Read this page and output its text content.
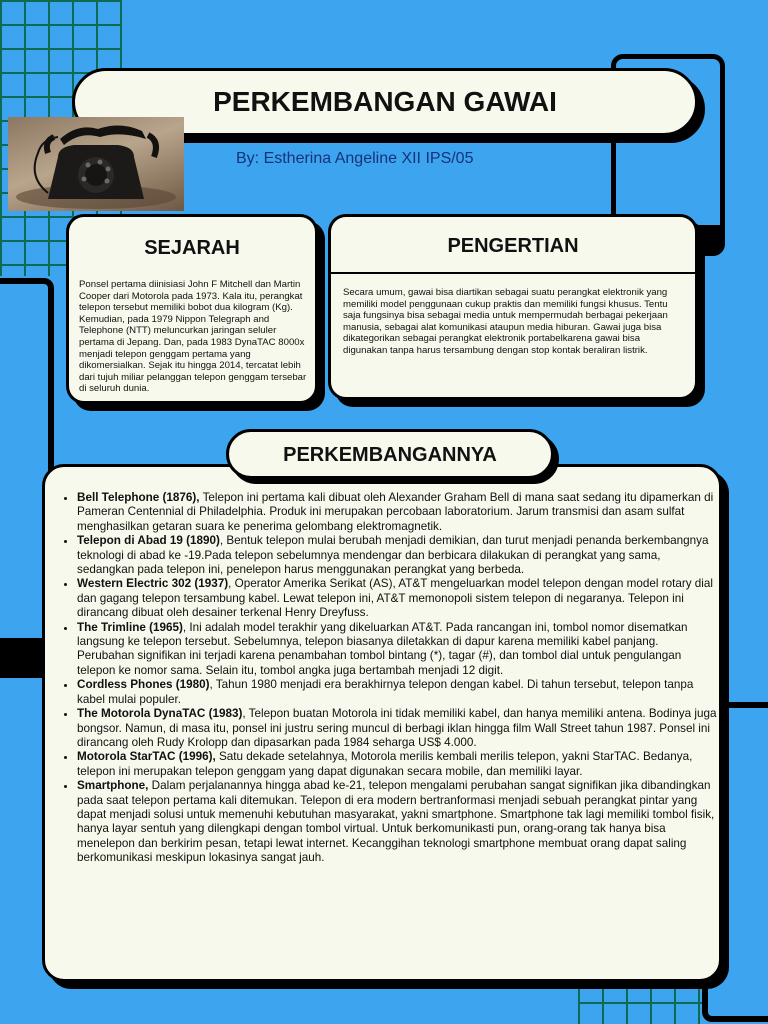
PERKEMBANGAN GAWAI
By: Estherina Angeline XII IPS/05
SEJARAH
Ponsel pertama diinisiasi John F Mitchell dan Martin Cooper dari Motorola pada 1973. Kala itu, perangkat telepon tersebut memiliki bobot dua kilogram (Kg). Kemudian, pada 1979 Nippon Telegraph and Telephone (NTT) meluncurkan jaringan seluler pertama di Jepang. Dan, pada 1983 DynaTAC 8000x menjadi telepon genggam pertama yang dikomersialkan. Sejak itu hingga 2014, tercatat lebih dari tujuh miliar pelanggan telepon genggam tersebar di seluruh dunia.
PENGERTIAN
Secara umum, gawai bisa diartikan sebagai suatu perangkat elektronik yang memiliki model penggunaan cukup praktis dan memiliki fungsi khusus. Tentu saja fungsinya bisa sebagai media untuk mempermudah berbagai pekerjaan manusia, sebagai alat komunikasi ataupun media hiburan. Gawai juga bisa dikategorikan sebagai perangkat elektronik portabelkarena gawai bisa digunakan tanpa harus tersambung dengan stop kontak beraliran listrik.
• Bell Telephone (1876), Telepon ini pertama kali dibuat oleh Alexander Graham Bell di mana saat sedang itu dipamerkan di Pameran Centennial di Philadelphia. Produk ini merupakan percobaan laboratorium. Jarum transmisi dan asam sulfat menghasilkan getaran suara ke penerima gelombang elektromagnetik.
• Telepon di Abad 19 (1890), Bentuk telepon mulai berubah menjadi demikian, dan turut menjadi penanda berkembangnya teknologi di abad ke -19.Pada telepon sebelumnya mendengar dan berbicara dilakukan di perangkat yang sama, sedangkan pada telepon ini, penelepon harus menggunakan perangkat yang berbeda.
• Western Electric 302 (1937), Operator Amerika Serikat (AS), AT&T mengeluarkan model telepon dengan model rotary dial dan gagang telepon tersambung kabel. Lewat telepon ini, AT&T memonopoli sistem telepon di negaranya. Telepon ini dirancang dibuat oleh desainer terkenal Henry Dreyfuss.
• The Trimline (1965), Ini adalah model terakhir yang dikeluarkan AT&T. Pada rancangan ini, tombol nomor disematkan langsung ke telepon tersebut. Sebelumnya, telepon biasanya diletakkan di dapur karena memiliki kabel panjang. Perubahan signifikan ini terjadi karena penambahan tombol bintang (*), tagar (#), dan tombol dial untuk pengulangan telepon ke nomor sama. Selain itu, tombol angka juga bertambah menjadi 12 digit.
• Cordless Phones (1980), Tahun 1980 menjadi era berakhirnya telepon dengan kabel. Di tahun tersebut, telepon tanpa kabel mulai populer.
• The Motorola DynaTAC (1983), Telepon buatan Motorola ini tidak memiliki kabel, dan hanya memiliki antena. Bodinya juga bongsor. Namun, di masa itu, ponsel ini justru sering muncul di berbagi iklan hingga film Wall Street tahun 1987. Ponsel ini dirancang oleh Rudy Krolopp dan dipasarkan pada 1984 seharga US$ 4.000.
• Motorola StarTAC (1996), Satu dekade setelahnya, Motorola merilis kembali merilis telepon, yakni StarTAC. Bedanya, telepon ini merupakan telepon genggam yang dapat digunakan secara mobile, dan memiliki layar.
• Smartphone, Dalam perjalanannya hingga abad ke-21, telepon mengalami perubahan sangat signifikan jika dibandingkan pada saat telepon pertama kali ditemukan. Telepon di era modern bertranformasi menjadi sebuah perangkat pintar yang dapat menjadi solusi untuk memenuhi kebutuhan masyarakat, yakni smartphone. Smartphone tak lagi memiliki tombol fisik, hanya layar sentuh yang dilengkapi dengan tombol virtual. Untuk berkomunikasti pun, orang-orang tak hanya bisa menelepon dan berkirim pesan, tetapi lewat internet. Kecanggihan teknologi smartphone membuat orang dapat saling berkomunikasi meskipun lokasinya sangat jauh.
PERKEMBANGANNYA
